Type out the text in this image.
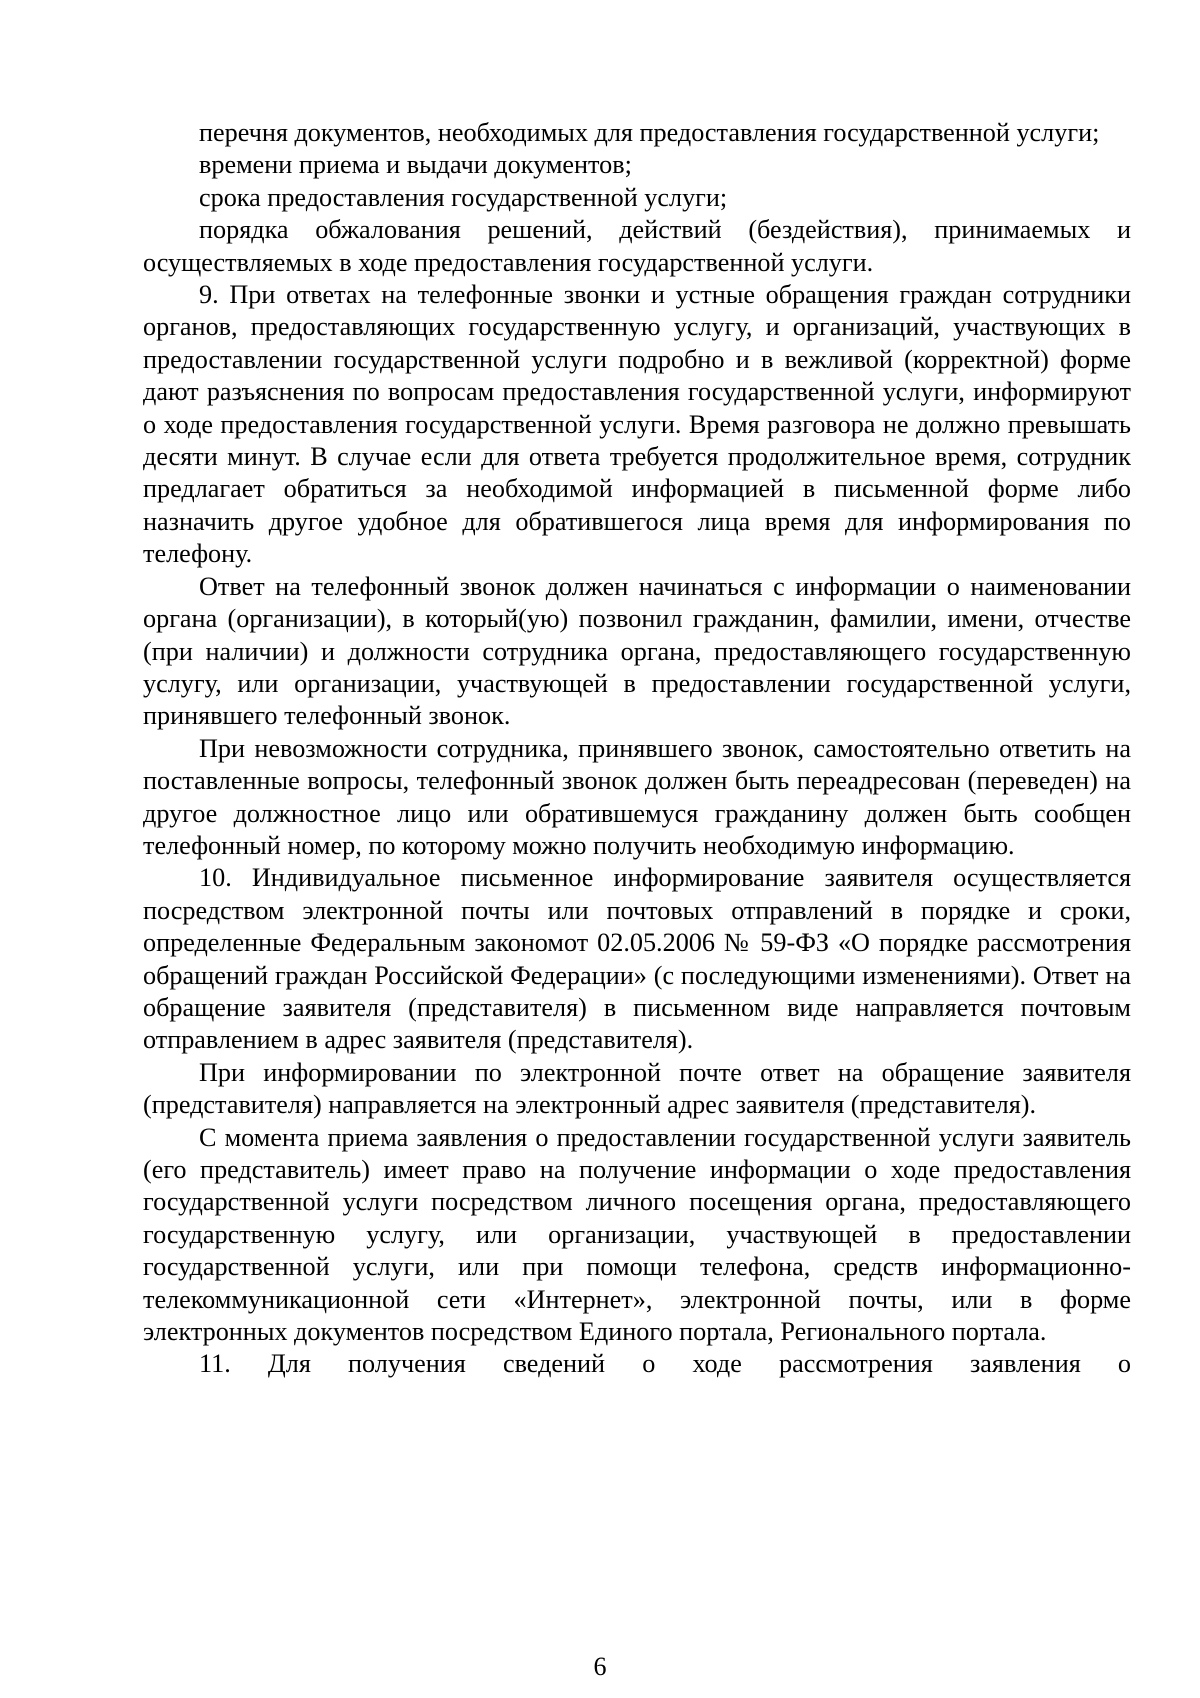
перечня документов, необходимых для предоставления государственной услуги;

времени приема и выдачи документов;

срока предоставления государственной услуги;

порядка обжалования решений, действий (бездействия), принимаемых и осуществляемых в ходе предоставления государственной услуги.

9. При ответах на телефонные звонки и устные обращения граждан сотрудники органов, предоставляющих государственную услугу, и организаций, участвующих в предоставлении государственной услуги подробно и в вежливой (корректной) форме дают разъяснения по вопросам предоставления государственной услуги, информируют о ходе предоставления государственной услуги. Время разговора не должно превышать десяти минут. В случае если для ответа требуется продолжительное время, сотрудник предлагает обратиться за необходимой информацией в письменной форме либо назначить другое удобное для обратившегося лица время для информирования по телефону.

Ответ на телефонный звонок должен начинаться с информации о наименовании органа (организации), в который(ую) позвонил гражданин, фамилии, имени, отчестве (при наличии) и должности сотрудника органа, предоставляющего государственную услугу, или организации, участвующей в предоставлении государственной услуги, принявшего телефонный звонок.

При невозможности сотрудника, принявшего звонок, самостоятельно ответить на поставленные вопросы, телефонный звонок должен быть переадресован (переведен) на другое должностное лицо или обратившемуся гражданину должен быть сообщен телефонный номер, по которому можно получить необходимую информацию.

10. Индивидуальное письменное информирование заявителя осуществляется посредством электронной почты или почтовых отправлений в порядке и сроки, определенные Федеральным закономот 02.05.2006 № 59-ФЗ «О порядке рассмотрения обращений граждан Российской Федерации» (с последующими изменениями). Ответ на обращение заявителя (представителя) в письменном виде направляется почтовым отправлением в адрес заявителя (представителя).

При информировании по электронной почте ответ на обращение заявителя (представителя) направляется на электронный адрес заявителя (представителя).

С момента приема заявления о предоставлении государственной услуги заявитель (его представитель) имеет право на получение информации о ходе предоставления государственной услуги посредством личного посещения органа, предоставляющего государственную услугу, или организации, участвующей в предоставлении государственной услуги, или при помощи телефона, средств информационно-телекоммуникационной сети «Интернет», электронной почты, или в форме электронных документов посредством Единого портала, Регионального портала.

11. Для получения сведений о ходе рассмотрения заявления о

6
